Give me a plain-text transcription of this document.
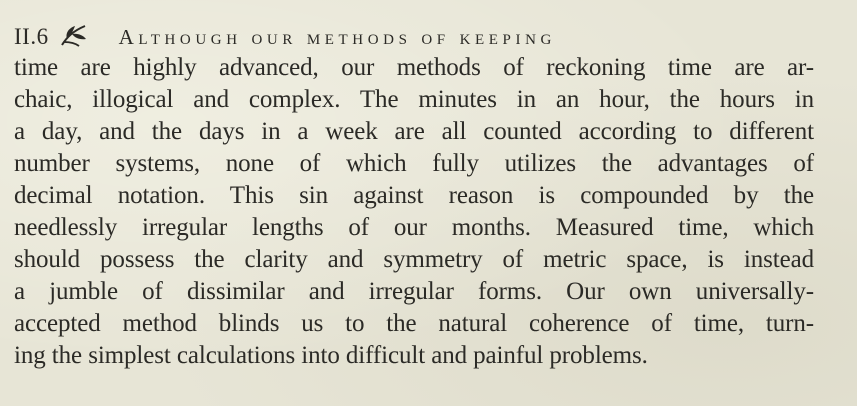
II.6	although our methods of keeping
time are highly advanced, our methods of reckoning time are ar-
chaic, illogical and complex. The minutes in an hour, the hours in
a day, and the days in a week are all counted according to different
number systems, none of which fully utilizes the advantages of
decimal notation. This sin against reason is compounded by the
needlessly irregular lengths of our months. Measured time, which
should possess the clarity and symmetry of metric space, is instead
a jumble of dissimilar and irregular forms. Our own universally-
accepted method blinds us to the natural coherence of time, turn-
ing the simplest calculations into difficult and painful problems.
